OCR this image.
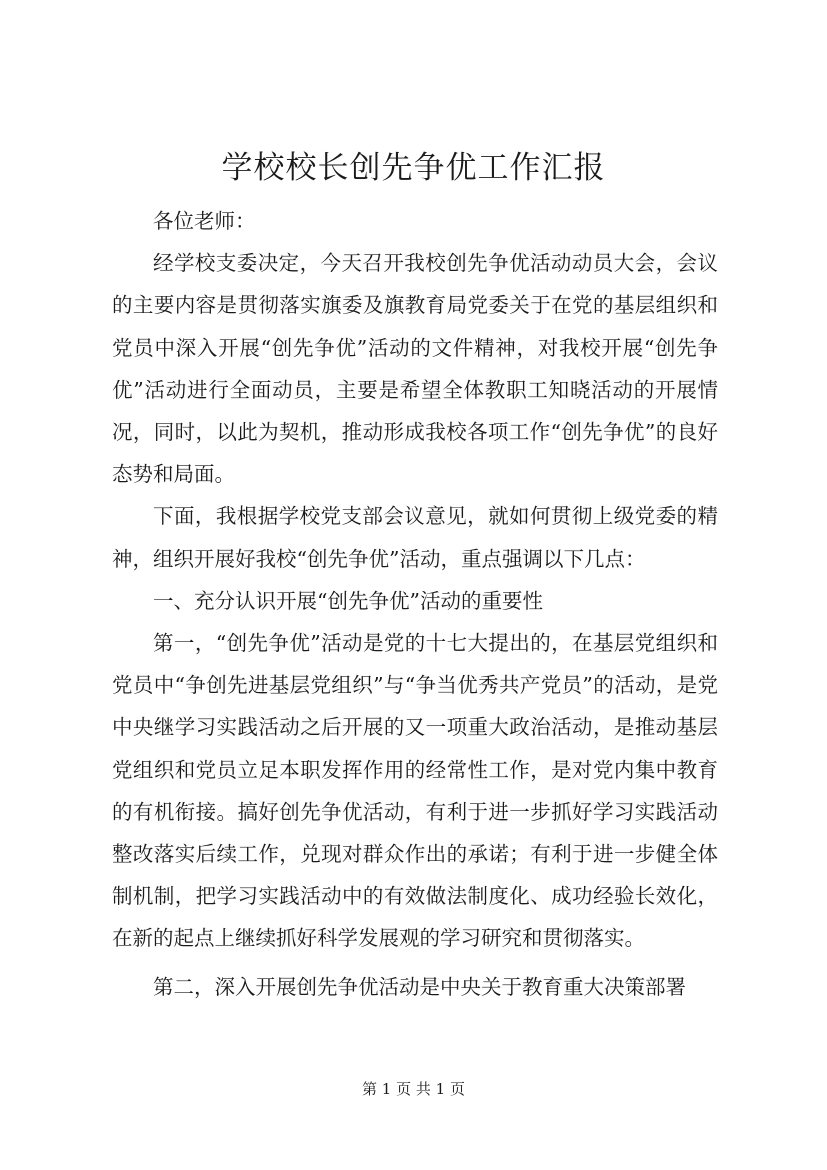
学校校长创先争优工作汇报

各位老师：

经学校支委决定，今天召开我校创先争优活动动员大会，会议的主要内容是贯彻落实旗委及旗教育局党委关于在党的基层组织和党员中深入开展“创先争优”活动的文件精神，对我校开展“创先争优”活动进行全面动员，主要是希望全体教职工知晓活动的开展情况，同时，以此为契机，推动形成我校各项工作“创先争优”的良好态势和局面。

下面，我根据学校党支部会议意见，就如何贯彻上级党委的精神，组织开展好我校“创先争优”活动，重点强调以下几点：

一、充分认识开展“创先争优”活动的重要性

第一，“创先争优”活动是党的十七大提出的，在基层党组织和党员中“争创先进基层党组织”与“争当优秀共产党员”的活动，是党中央继学习实践活动之后开展的又一项重大政治活动，是推动基层党组织和党员立足本职发挥作用的经常性工作，是对党内集中教育的有机衔接。搞好创先争优活动，有利于进一步抓好学习实践活动整改落实后续工作，兑现对群众作出的承诺；有利于进一步健全体制机制，把学习实践活动中的有效做法制度化、成功经验长效化，在新的起点上继续抓好科学发展观的学习研究和贯彻落实。

第二，深入开展创先争优活动是中央关于教育重大决策部署

第 1 页 共 1 页
